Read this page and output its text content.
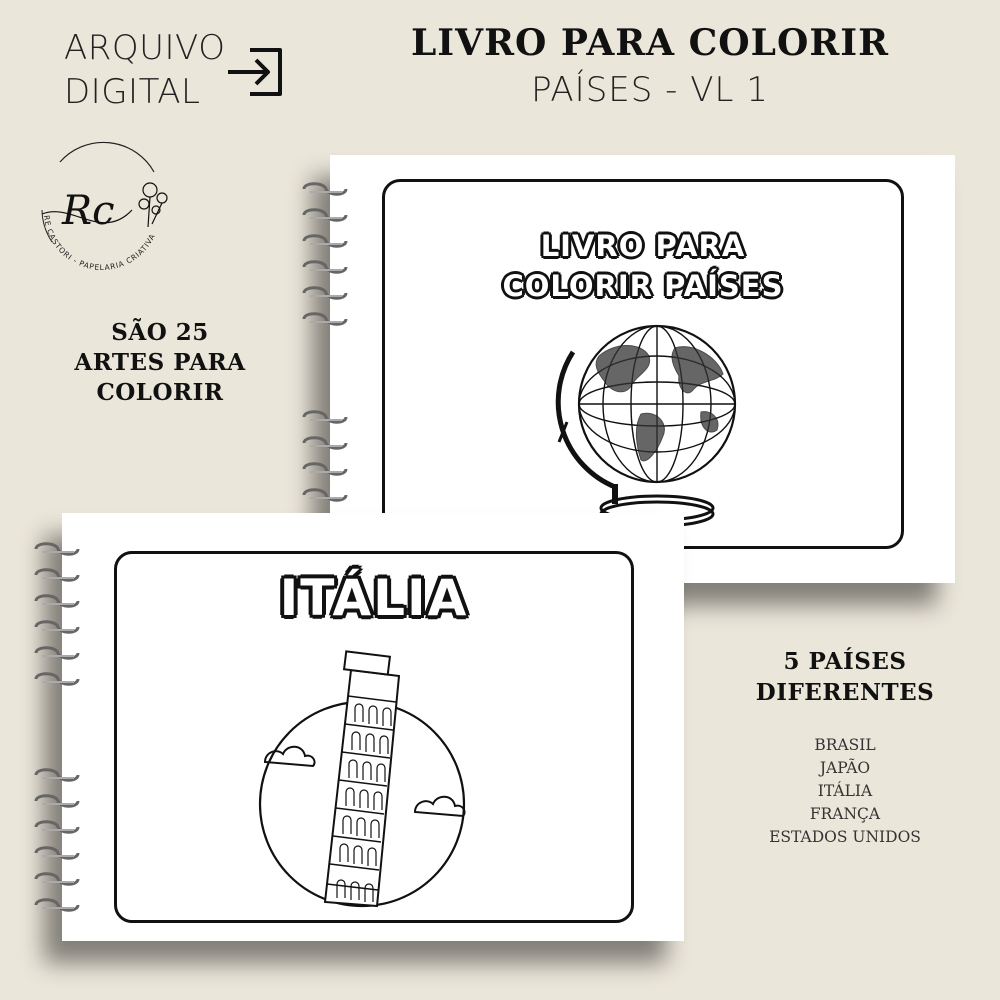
ARQUIVO
DIGITAL
LIVRO PARA COLORIR
PAÍSES - VL 1
Rc
RE CASTORI - PAPELARIA CRIATIVA
SÃO 25
ARTES PARA
COLORIR
LIVRO PARA
COLORIR PAÍSES
ITÁLIA
5 PAÍSES
DIFERENTES
BRASIL
JAPÃO
ITÁLIA
FRANÇA
ESTADOS UNIDOS
